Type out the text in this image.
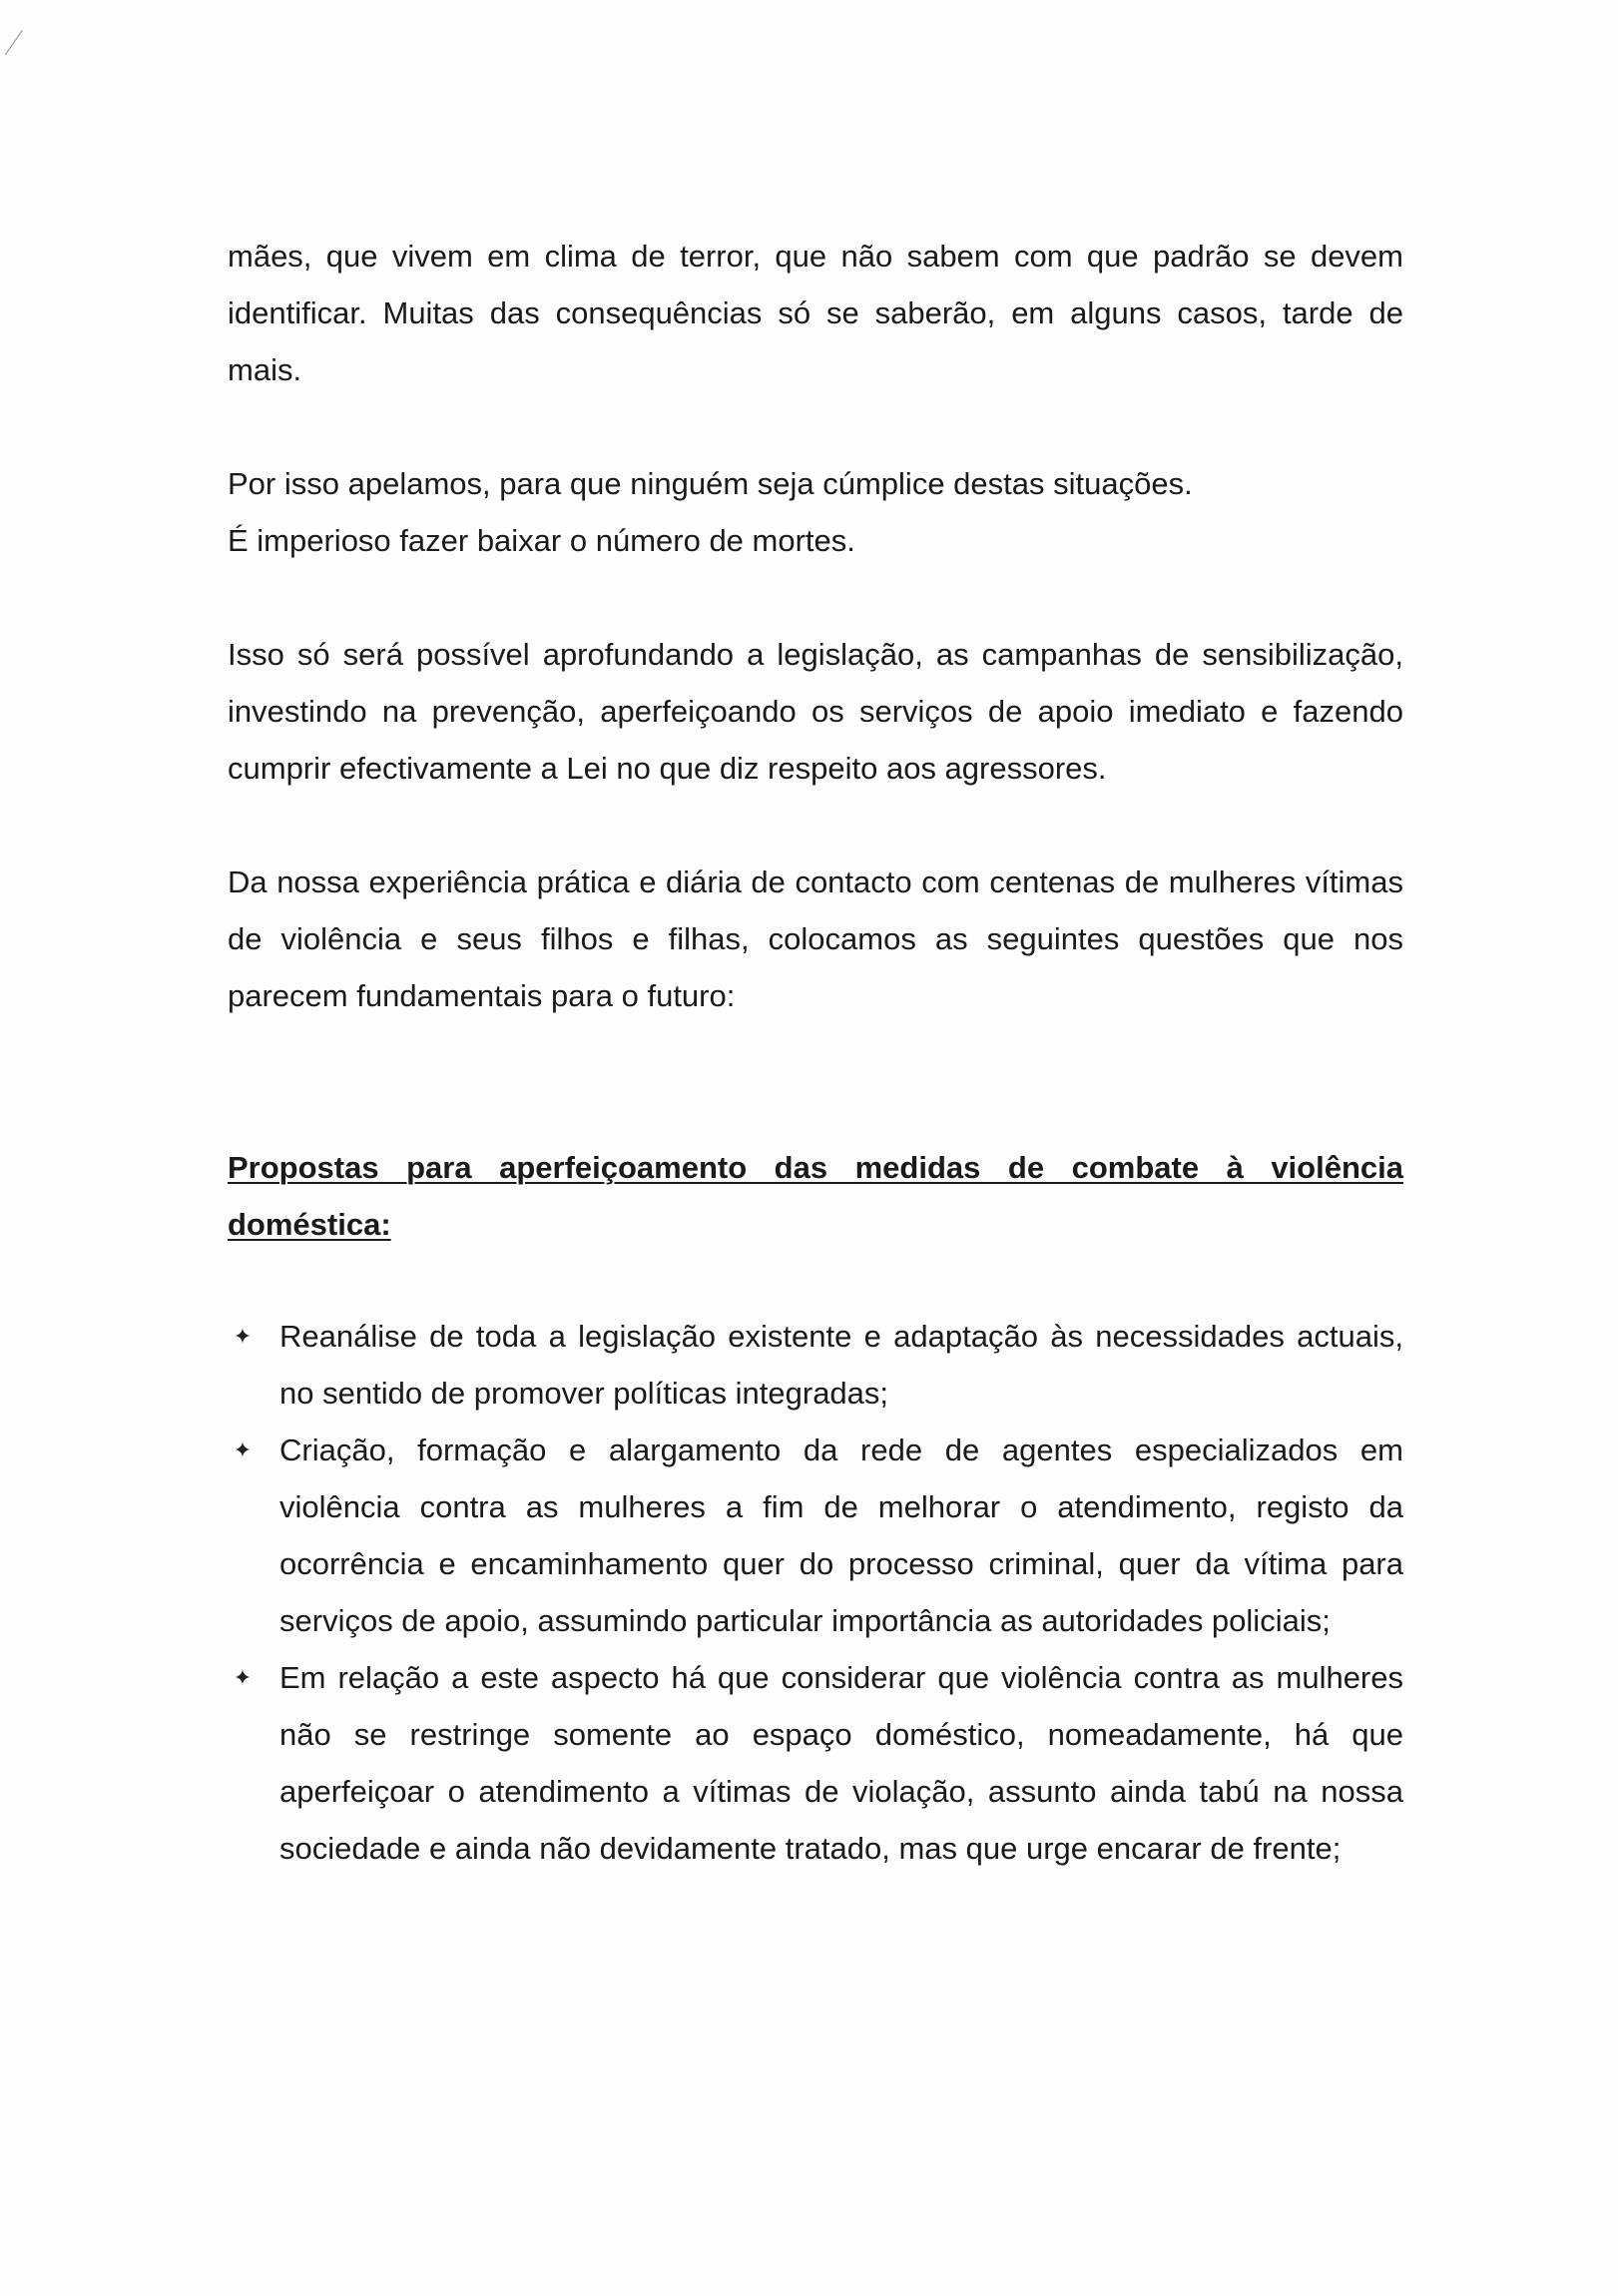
mães, que vivem em clima de terror, que não sabem com que padrão se devem identificar. Muitas das consequências só se saberão, em alguns casos, tarde de mais.

Por isso apelamos, para que ninguém seja cúmplice destas situações.

É imperioso fazer baixar o número de mortes.

Isso só será possível aprofundando a legislação, as campanhas de sensibilização, investindo na prevenção, aperfeiçoando os serviços de apoio imediato e fazendo cumprir efectivamente a Lei no que diz respeito aos agressores.

Da nossa experiência prática e diária de contacto com centenas de mulheres vítimas de violência e seus filhos e filhas, colocamos as seguintes questões que nos parecem fundamentais para o futuro:

Propostas para aperfeiçoamento das medidas de combate à violência doméstica:

✦ Reanálise de toda a legislação existente e adaptação às necessidades actuais, no sentido de promover políticas integradas;
✦ Criação, formação e alargamento da rede de agentes especializados em violência contra as mulheres a fim de melhorar o atendimento, registo da ocorrência e encaminhamento quer do processo criminal, quer da vítima para serviços de apoio, assumindo particular importância as autoridades policiais;
✦ Em relação a este aspecto há que considerar que violência contra as mulheres não se restringe somente ao espaço doméstico, nomeadamente, há que aperfeiçoar o atendimento a vítimas de violação, assunto ainda tabú na nossa sociedade e ainda não devidamente tratado, mas que urge encarar de frente;
